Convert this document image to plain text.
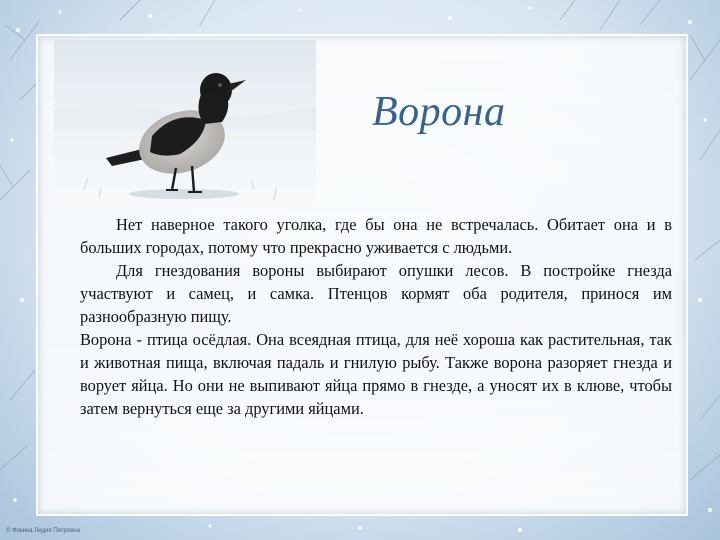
Ворона

Нет наверное такого уголка, где бы она не встречалась. Обитает она и в больших городах, потому что прекрасно уживается с людьми.

Для гнездования вороны выбирают опушки лесов. В постройке гнезда участвуют и самец, и самка. Птенцов кормят оба родителя, принося им разнообразную пищу.

Ворона - птица осёдлая. Она всеядная птица, для неё хороша как растительная, так и животная пища, включая падаль и гнилую рыбу. Также ворона разоряет гнезда и ворует яйца. Но они не выпивают яйца прямо в гнезде, а уносят их в клюве, чтобы затем вернуться еще за другими яйцами.

© Фокина Лидия Петровна
